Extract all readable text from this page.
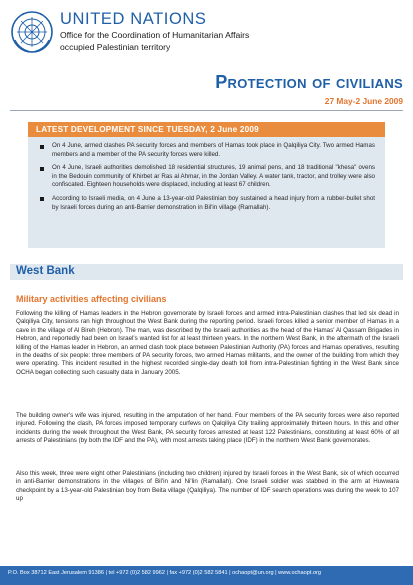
UNITED NATIONS
Office for the Coordination of Humanitarian Affairs
occupied Palestinian territory
Protection of civilians
27 May-2 June 2009
LATEST DEVELOPMENT SINCE TUESDAY, 2 June 2009
On 4 June, armed clashes PA security forces and members of Hamas took place in Qalqiliya City. Two armed Hamas members and a member of the PA security forces were killed.
On 4 June, Israeli authorities demolished 18 residential structures, 19 animal pens, and 18 traditional "khesa" ovens in the Bedouin community of Khirbet ar Ras al Ahmar, in the Jordan Valley. A water tank, tractor, and trolley were also confiscated. Eighteen households were displaced, including at least 67 children.
According to Israeli media, on 4 June a 13-year-old Palestinian boy sustained a head injury from a rubber-bullet shot by Israeli forces during an anti-Barrier demonstration in Bil'in village (Ramallah).
West Bank
Military activities affecting civilians

Following the killing of Hamas leaders in the Hebron governorate by Israeli forces and armed intra-Palestinian clashes that led six dead in Qalqiliya City, tensions ran high throughout the West Bank during the reporting period. Israeli forces killed a senior member of Hamas in a cave in the village of Al Bireh (Hebron). The man, was described by the Israeli authorities as the head of the Hamas' Al Qassam Brigades in Hebron, and reportedly had been on Israel's wanted list for at least thirteen years. In the northern West Bank, in the aftermath of the Israeli killing of the Hamas leader in Hebron, an armed clash took place between Palestinian Authority (PA) forces and Hamas operatives, resulting in the deaths of six people: three members of PA security forces, two armed Hamas militants, and the owner of the building from which they were operating. This incident resulted in the highest recorded single-day death toll from intra-Palestinian fighting in the West Bank since OCHA began collecting such casualty data in January 2005.

The building owner's wife was injured, resulting in the amputation of her hand. Four members of the PA security forces were also reported injured. Following the clash, PA forces imposed temporary curfews on Qalqiliya City trailing approximately thirteen hours. In this and other incidents during the week throughout the West Bank, PA security forces arrested at least 122 Palestinians, constituting at least 60% of all arrests of Palestinians (by both the IDF and the PA), with most arrests taking place (IDF) in the northern West Bank governorates.

Also this week, three were eight other Palestinians (including two children) injured by Israeli forces in the West Bank, six of which occurred in anti-Barrier demonstrations in the villages of Bil'in and Ni'lin (Ramallah). One Israeli soldier was stabbed in the arm at Huwwara checkpoint by a 13-year-old Palestinian boy from Beita village (Qalqiliya). The number of IDF search operations was during the week to 107 up

P.O. Box 38712 East Jerusalem 91386 | tel +972 (0)2 582 9962 | fax +972 (0)2 582 5841 | ochaopt@un.org | www.ochaopt.org
